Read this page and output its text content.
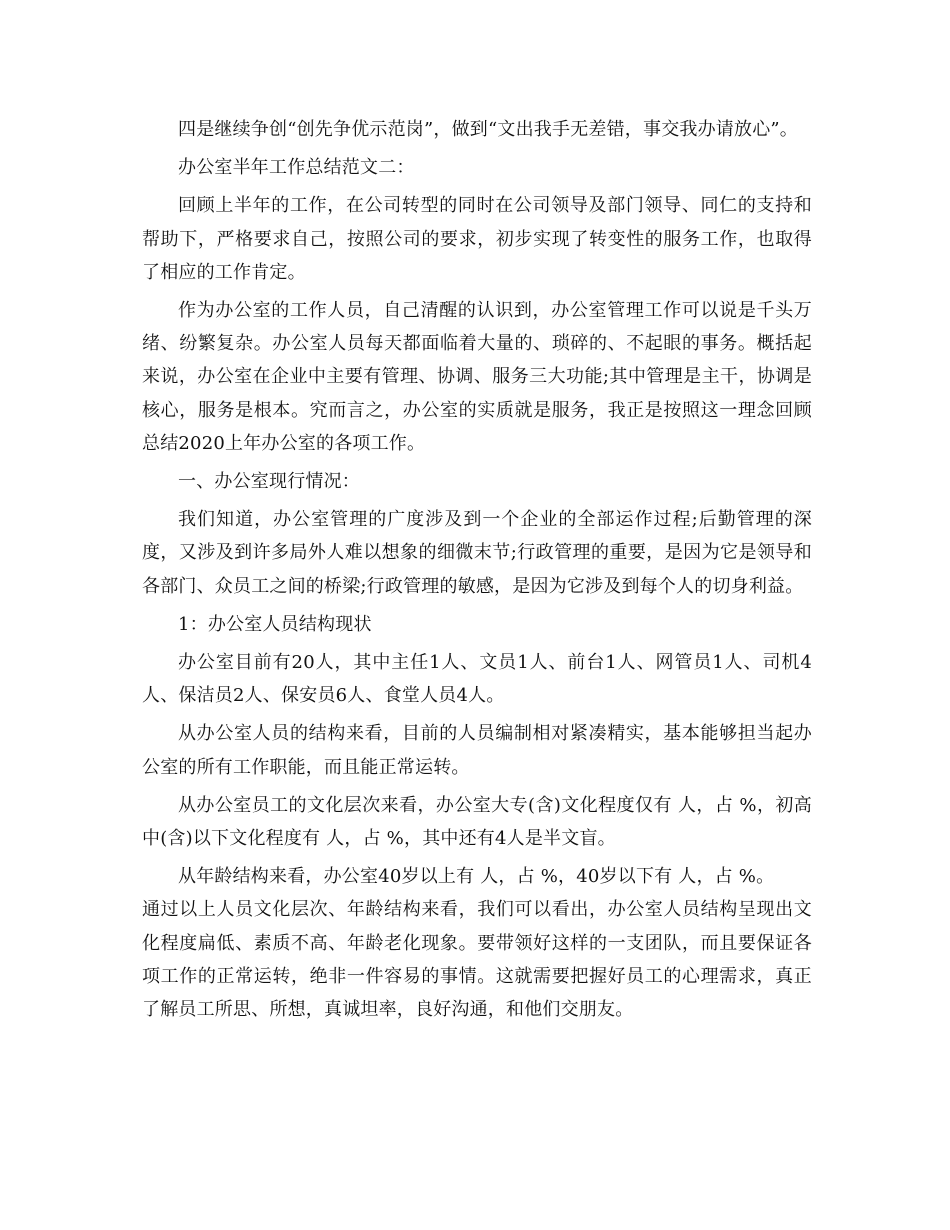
四是继续争创“创先争优示范岗”，做到“文出我手无差错，事交我办请放心”。

办公室半年工作总结范文二：

回顾上半年的工作，在公司转型的同时在公司领导及部门领导、同仁的支持和帮助下，严格要求自己，按照公司的要求，初步实现了转变性的服务工作，也取得了相应的工作肯定。

作为办公室的工作人员，自己清醒的认识到，办公室管理工作可以说是千头万绪、纷繁复杂。办公室人员每天都面临着大量的、琐碎的、不起眼的事务。概括起来说，办公室在企业中主要有管理、协调、服务三大功能;其中管理是主干，协调是核心，服务是根本。究而言之，办公室的实质就是服务，我正是按照这一理念回顾总结2020上年办公室的各项工作。

一、办公室现行情况：

我们知道，办公室管理的广度涉及到一个企业的全部运作过程;后勤管理的深度，又涉及到许多局外人难以想象的细微末节;行政管理的重要，是因为它是领导和各部门、众员工之间的桥梁;行政管理的敏感，是因为它涉及到每个人的切身利益。

1：办公室人员结构现状

办公室目前有20人，其中主任1人、文员1人、前台1人、网管员1人、司机4人、保洁员2人、保安员6人、食堂人员4人。

从办公室人员的结构来看，目前的人员编制相对紧凑精实，基本能够担当起办公室的所有工作职能，而且能正常运转。

从办公室员工的文化层次来看，办公室大专(含)文化程度仅有 人，占 %，初高中(含)以下文化程度有 人，占 %，其中还有4人是半文盲。

从年龄结构来看，办公室40岁以上有 人，占 %，40岁以下有 人，占 %。

通过以上人员文化层次、年龄结构来看，我们可以看出，办公室人员结构呈现出文化程度扁低、素质不高、年龄老化现象。要带领好这样的一支团队，而且要保证各项工作的正常运转，绝非一件容易的事情。这就需要把握好员工的心理需求，真正了解员工所思、所想，真诚坦率，良好沟通，和他们交朋友。
